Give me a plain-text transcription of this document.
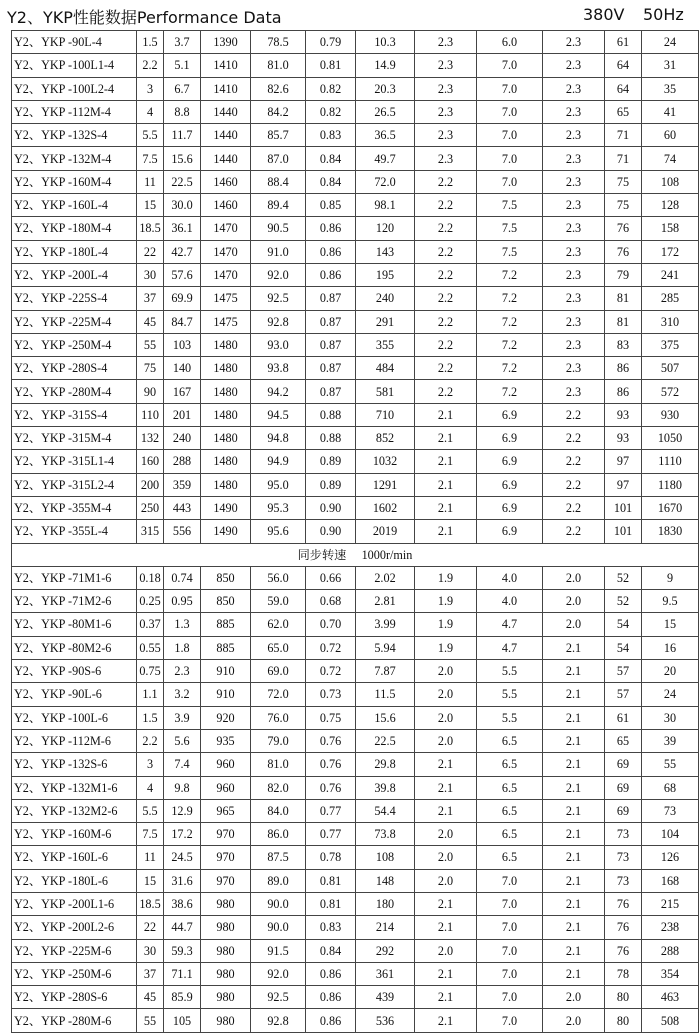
Y2、YKP性能数据Performance Data	380V 50Hz
Y2、YKP -90L-4	1.5	3.7	1390	78.5	0.79	10.3	2.3	6.0	2.3	61	24
Y2、YKP -100L1-4	2.2	5.1	1410	81.0	0.81	14.9	2.3	7.0	2.3	64	31
Y2、YKP -100L2-4	3	6.7	1410	82.6	0.82	20.3	2.3	7.0	2.3	64	35
Y2、YKP -112M-4	4	8.8	1440	84.2	0.82	26.5	2.3	7.0	2.3	65	41
Y2、YKP -132S-4	5.5	11.7	1440	85.7	0.83	36.5	2.3	7.0	2.3	71	60
Y2、YKP -132M-4	7.5	15.6	1440	87.0	0.84	49.7	2.3	7.0	2.3	71	74
Y2、YKP -160M-4	11	22.5	1460	88.4	0.84	72.0	2.2	7.0	2.3	75	108
Y2、YKP -160L-4	15	30.0	1460	89.4	0.85	98.1	2.2	7.5	2.3	75	128
Y2、YKP -180M-4	18.5	36.1	1470	90.5	0.86	120	2.2	7.5	2.3	76	158
Y2、YKP -180L-4	22	42.7	1470	91.0	0.86	143	2.2	7.5	2.3	76	172
Y2、YKP -200L-4	30	57.6	1470	92.0	0.86	195	2.2	7.2	2.3	79	241
Y2、YKP -225S-4	37	69.9	1475	92.5	0.87	240	2.2	7.2	2.3	81	285
Y2、YKP -225M-4	45	84.7	1475	92.8	0.87	291	2.2	7.2	2.3	81	310
Y2、YKP -250M-4	55	103	1480	93.0	0.87	355	2.2	7.2	2.3	83	375
Y2、YKP -280S-4	75	140	1480	93.8	0.87	484	2.2	7.2	2.3	86	507
Y2、YKP -280M-4	90	167	1480	94.2	0.87	581	2.2	7.2	2.3	86	572
Y2、YKP -315S-4	110	201	1480	94.5	0.88	710	2.1	6.9	2.2	93	930
Y2、YKP -315M-4	132	240	1480	94.8	0.88	852	2.1	6.9	2.2	93	1050
Y2、YKP -315L1-4	160	288	1480	94.9	0.89	1032	2.1	6.9	2.2	97	1110
Y2、YKP -315L2-4	200	359	1480	95.0	0.89	1291	2.1	6.9	2.2	97	1180
Y2、YKP -355M-4	250	443	1490	95.3	0.90	1602	2.1	6.9	2.2	101	1670
Y2、YKP -355L-4	315	556	1490	95.6	0.90	2019	2.1	6.9	2.2	101	1830
同步转速　 1000r/min											
Y2、YKP -71M1-6	0.18	0.74	850	56.0	0.66	2.02	1.9	4.0	2.0	52	9
Y2、YKP -71M2-6	0.25	0.95	850	59.0	0.68	2.81	1.9	4.0	2.0	52	9.5
Y2、YKP -80M1-6	0.37	1.3	885	62.0	0.70	3.99	1.9	4.7	2.0	54	15
Y2、YKP -80M2-6	0.55	1.8	885	65.0	0.72	5.94	1.9	4.7	2.1	54	16
Y2、YKP -90S-6	0.75	2.3	910	69.0	0.72	7.87	2.0	5.5	2.1	57	20
Y2、YKP -90L-6	1.1	3.2	910	72.0	0.73	11.5	2.0	5.5	2.1	57	24
Y2、YKP -100L-6	1.5	3.9	920	76.0	0.75	15.6	2.0	5.5	2.1	61	30
Y2、YKP -112M-6	2.2	5.6	935	79.0	0.76	22.5	2.0	6.5	2.1	65	39
Y2、YKP -132S-6	3	7.4	960	81.0	0.76	29.8	2.1	6.5	2.1	69	55
Y2、YKP -132M1-6	4	9.8	960	82.0	0.76	39.8	2.1	6.5	2.1	69	68
Y2、YKP -132M2-6	5.5	12.9	965	84.0	0.77	54.4	2.1	6.5	2.1	69	73
Y2、YKP -160M-6	7.5	17.2	970	86.0	0.77	73.8	2.0	6.5	2.1	73	104
Y2、YKP -160L-6	11	24.5	970	87.5	0.78	108	2.0	6.5	2.1	73	126
Y2、YKP -180L-6	15	31.6	970	89.0	0.81	148	2.0	7.0	2.1	73	168
Y2、YKP -200L1-6	18.5	38.6	980	90.0	0.81	180	2.1	7.0	2.1	76	215
Y2、YKP -200L2-6	22	44.7	980	90.0	0.83	214	2.1	7.0	2.1	76	238
Y2、YKP -225M-6	30	59.3	980	91.5	0.84	292	2.0	7.0	2.1	76	288
Y2、YKP -250M-6	37	71.1	980	92.0	0.86	361	2.1	7.0	2.1	78	354
Y2、YKP -280S-6	45	85.9	980	92.5	0.86	439	2.1	7.0	2.0	80	463
Y2、YKP -280M-6	55	105	980	92.8	0.86	536	2.1	7.0	2.0	80	508
